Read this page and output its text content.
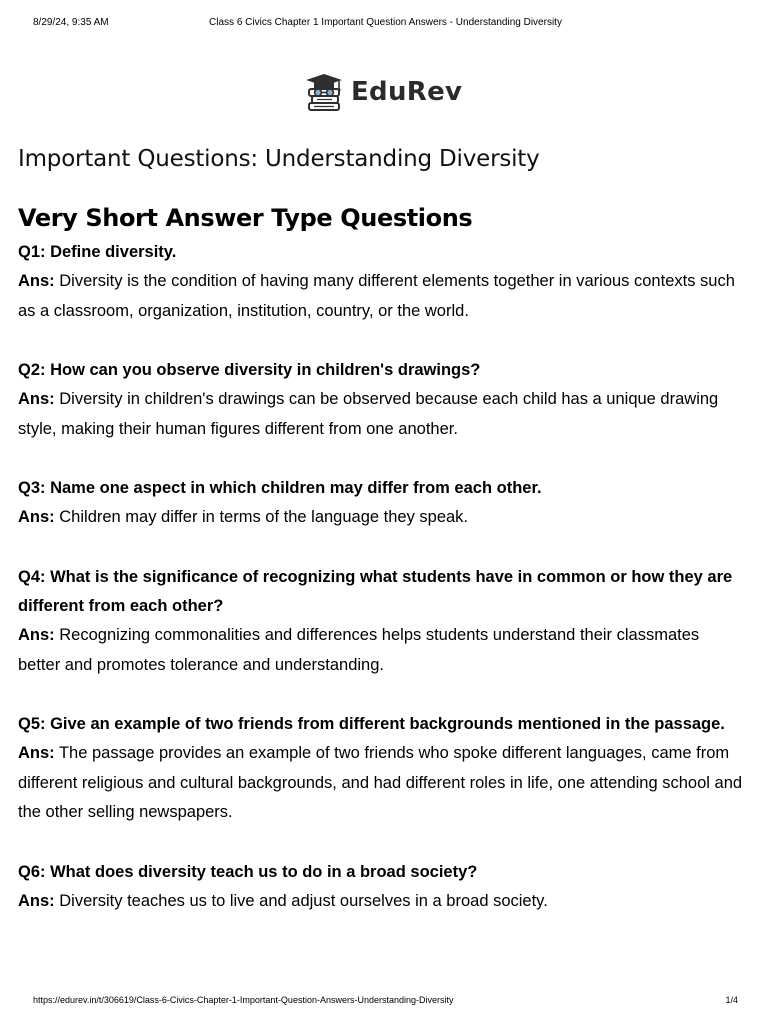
8/29/24, 9:35 AM	Class 6 Civics Chapter 1 Important Question Answers - Understanding Diversity
EduRev
Important Questions: Understanding Diversity
Very Short Answer Type Questions

Q1: Define diversity.

Ans: Diversity is the condition of having many different elements together in various contexts such as a classroom, organization, institution, country, or the world.

Q2: How can you observe diversity in children's drawings?

Ans: Diversity in children's drawings can be observed because each child has a unique drawing style, making their human figures different from one another.

Q3: Name one aspect in which children may differ from each other.

Ans: Children may differ in terms of the language they speak.

Q4: What is the significance of recognizing what students have in common or how they are different from each other?

Ans: Recognizing commonalities and differences helps students understand their classmates better and promotes tolerance and understanding.

Q5: Give an example of two friends from different backgrounds mentioned in the passage.

Ans: The passage provides an example of two friends who spoke different languages, came from different religious and cultural backgrounds, and had different roles in life, one attending school and the other selling newspapers.

Q6: What does diversity teach us to do in a broad society?

Ans: Diversity teaches us to live and adjust ourselves in a broad society.

https://edurev.in/t/306619/Class-6-Civics-Chapter-1-Important-Question-Answers-Understanding-Diversity	1/4
